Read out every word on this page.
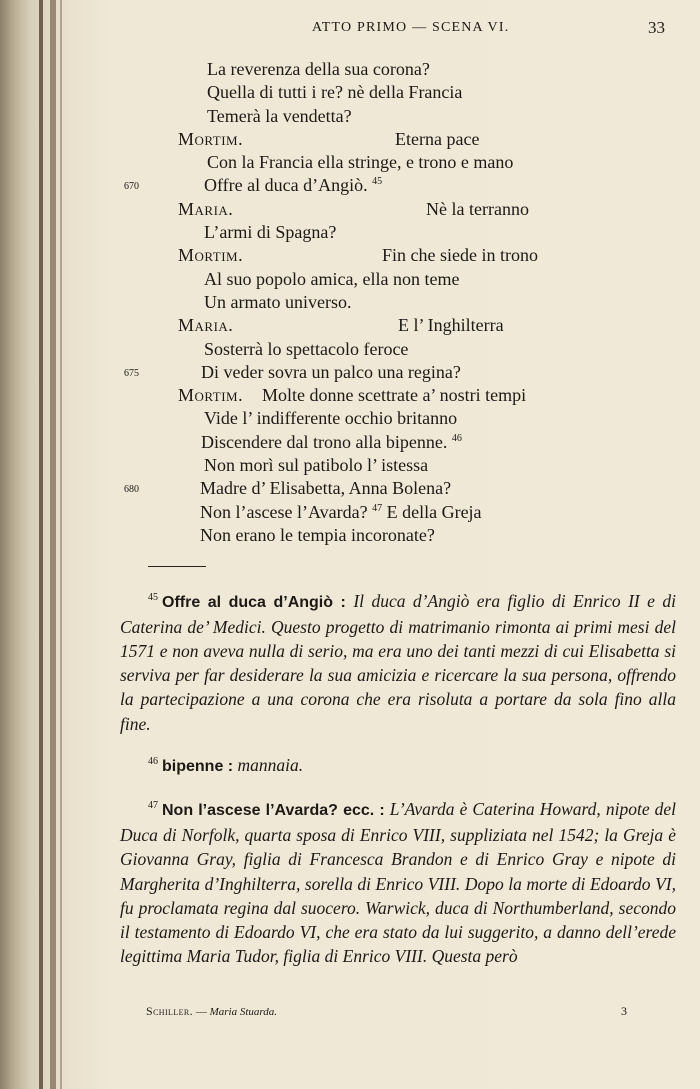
ATTO PRIMO — SCENA VI.	33
La reverenza della sua corona?
Quella di tutti i re? nè della Francia
Temerà la vendetta?
Mortim.	Eterna pace
Con la Francia ella stringe, e trono e mano
670	Offre al duca d’Angiò. $^{45}$
Maria.	Nè la terranno
L’armi di Spagna?
Mortim.	Fin che siede in trono
Al suo popolo amica, ella non teme
Un armato universo.
Maria.	E l’ Inghilterra
Sosterrà lo spettacolo feroce
675	Di veder sovra un palco una regina?
Mortim. Molte donne scettrate a’ nostri tempi
Vide l’ indifferente occhio britanno
Discendere dal trono alla bipenne. $^{46}$
Non morì sul patibolo l’ istessa
680	Madre d’ Elisabetta, Anna Bolena?
Non l’ascese l’Avarda? $^{47}$ E della Greja
Non erano le tempia incoronate?

$^{45}$ Offre al duca d’Angiò : Il duca d’Angiò era figlio di Enrico II e di Caterina de’ Medici. Questo progetto di matrimanio rimonta ai primi mesi del 1571 e non aveva nulla di serio, ma era uno dei tanti mezzi di cui Elisabetta si serviva per far desiderare la sua amicizia e ricercare la sua persona, offrendo la partecipazione a una corona che era risoluta a portare da sola fino alla fine.

$^{46}$ bipenne : mannaia.

$^{47}$ Non l’ascese l’Avarda? ecc. : L’Avarda è Caterina Howard, nipote del Duca di Norfolk, quarta sposa di Enrico VIII, suppliziata nel 1542; la Greja è Giovanna Gray, figlia di Francesca Brandon e di Enrico Gray e nipote di Margherita d’Inghilterra, sorella di Enrico VIII. Dopo la morte di Edoardo VI, fu proclamata regina dal suocero. Warwick, duca di Northumberland, secondo il testamento di Edoardo VI, che era stato da lui suggerito, a danno dell’erede legittima Maria Tudor, figlia di Enrico VIII. Questa però

Schiller. — Maria Stuarda.	3
